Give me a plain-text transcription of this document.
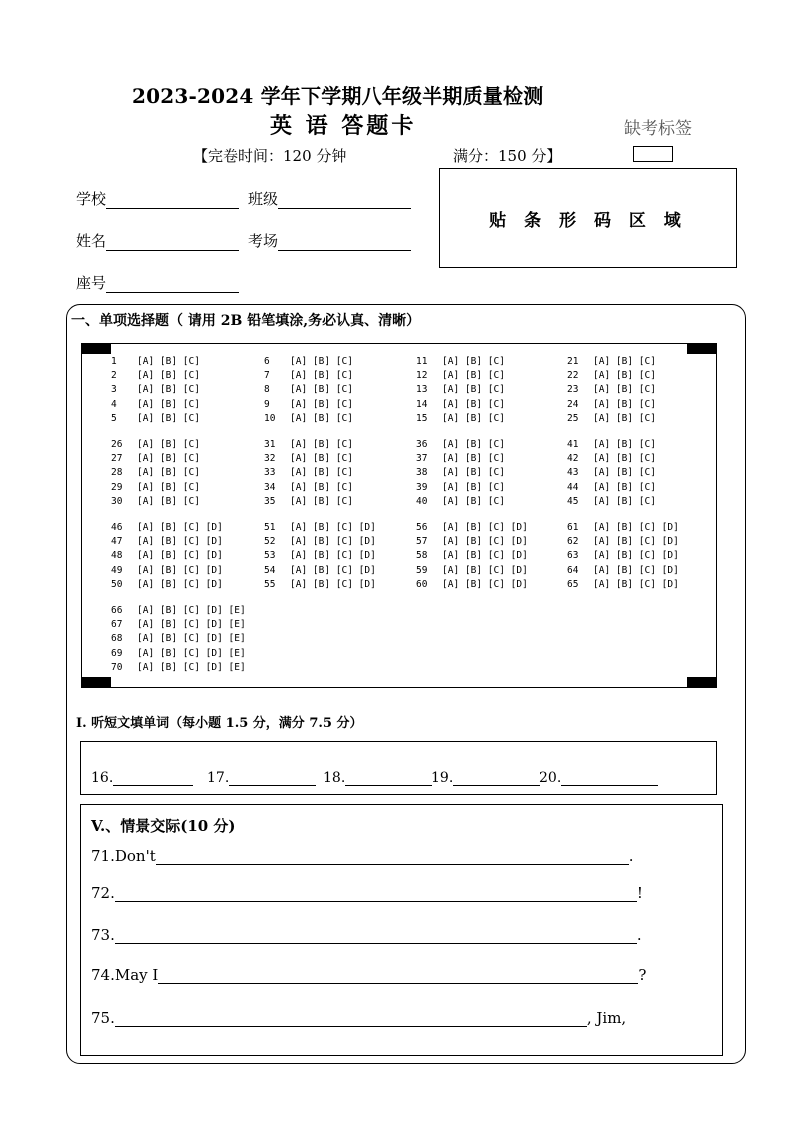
2023-2024 学年下学期八年级半期质量检测
英 语 答题卡	缺考标签
【完卷时间：120 分钟	满分：150 分】
学校	班级
姓名	考场
座号
贴 条 形 码 区 域
一、单项选择题（ 请用 2B 铅笔填涂,务必认真、清晰）
1	[A] [B] [C]
2	[A] [B] [C]
3	[A] [B] [C]
4	[A] [B] [C]
5	[A] [B] [C]
6	[A] [B] [C]
7	[A] [B] [C]
8	[A] [B] [C]
9	[A] [B] [C]
10	[A] [B] [C]
11	[A] [B] [C]
12	[A] [B] [C]
13	[A] [B] [C]
14	[A] [B] [C]
15	[A] [B] [C]
21	[A] [B] [C]
22	[A] [B] [C]
23	[A] [B] [C]
24	[A] [B] [C]
25	[A] [B] [C]
26	[A] [B] [C]
27	[A] [B] [C]
28	[A] [B] [C]
29	[A] [B] [C]
30	[A] [B] [C]
31	[A] [B] [C]
32	[A] [B] [C]
33	[A] [B] [C]
34	[A] [B] [C]
35	[A] [B] [C]
36	[A] [B] [C]
37	[A] [B] [C]
38	[A] [B] [C]
39	[A] [B] [C]
40	[A] [B] [C]
41	[A] [B] [C]
42	[A] [B] [C]
43	[A] [B] [C]
44	[A] [B] [C]
45	[A] [B] [C]
46	[A] [B] [C] [D]
47	[A] [B] [C] [D]
48	[A] [B] [C] [D]
49	[A] [B] [C] [D]
50	[A] [B] [C] [D]
51	[A] [B] [C] [D]
52	[A] [B] [C] [D]
53	[A] [B] [C] [D]
54	[A] [B] [C] [D]
55	[A] [B] [C] [D]
56	[A] [B] [C] [D]
57	[A] [B] [C] [D]
58	[A] [B] [C] [D]
59	[A] [B] [C] [D]
60	[A] [B] [C] [D]
61	[A] [B] [C] [D]
62	[A] [B] [C] [D]
63	[A] [B] [C] [D]
64	[A] [B] [C] [D]
65	[A] [B] [C] [D]
66	[A] [B] [C] [D] [E]
67	[A] [B] [C] [D] [E]
68	[A] [B] [C] [D] [E]
69	[A] [B] [C] [D] [E]
70	[A] [B] [C] [D] [E]
I. 听短文填单词（每小题 1.5 分，满分 7.5 分）
16.	17.	18.	19.	20.
V.、情景交际(10 分)
71.Don't	.
72.	!
73.	.
74.May I	?
75.	, Jim,
